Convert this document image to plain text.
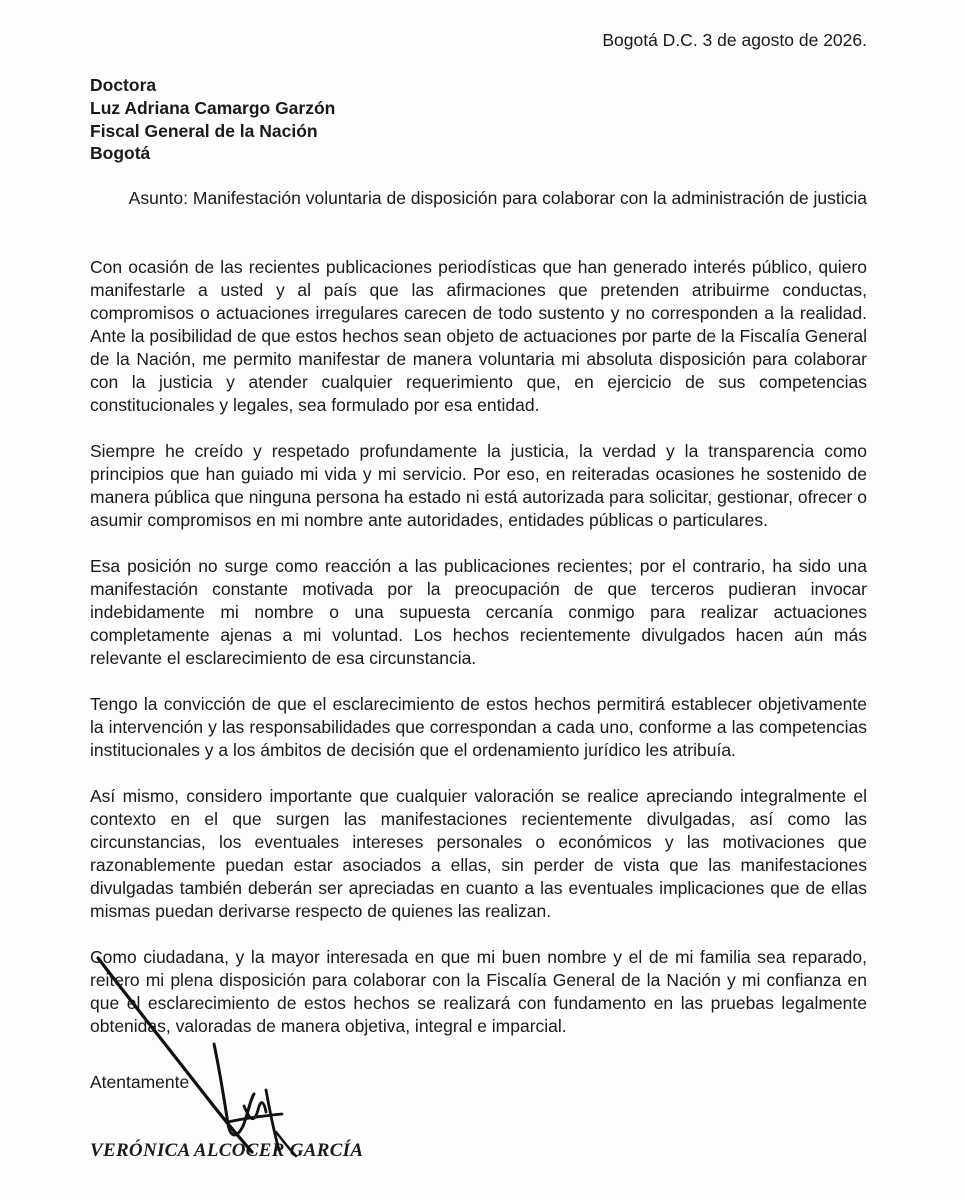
Bogotá D.C. 3 de agosto de 2026.
Doctora
Luz Adriana Camargo Garzón
Fiscal General de la Nación
Bogotá
Asunto: Manifestación voluntaria de disposición para colaborar con la administración de justicia

Con ocasión de las recientes publicaciones periodísticas que han generado interés público, quiero manifestarle a usted y al país que las afirmaciones que pretenden atribuirme conductas, compromisos o actuaciones irregulares carecen de todo sustento y no corresponden a la realidad. Ante la posibilidad de que estos hechos sean objeto de actuaciones por parte de la Fiscalía General de la Nación, me permito manifestar de manera voluntaria mi absoluta disposición para colaborar con la justicia y atender cualquier requerimiento que, en ejercicio de sus competencias constitucionales y legales, sea formulado por esa entidad.

Siempre he creído y respetado profundamente la justicia, la verdad y la transparencia como principios que han guiado mi vida y mi servicio. Por eso, en reiteradas ocasiones he sostenido de manera pública que ninguna persona ha estado ni está autorizada para solicitar, gestionar, ofrecer o asumir compromisos en mi nombre ante autoridades, entidades públicas o particulares.

Esa posición no surge como reacción a las publicaciones recientes; por el contrario, ha sido una manifestación constante motivada por la preocupación de que terceros pudieran invocar indebidamente mi nombre o una supuesta cercanía conmigo para realizar actuaciones completamente ajenas a mi voluntad. Los hechos recientemente divulgados hacen aún más relevante el esclarecimiento de esa circunstancia.

Tengo la convicción de que el esclarecimiento de estos hechos permitirá establecer objetivamente la intervención y las responsabilidades que correspondan a cada uno, conforme a las competencias institucionales y a los ámbitos de decisión que el ordenamiento jurídico les atribuía.

Así mismo, considero importante que cualquier valoración se realice apreciando integralmente el contexto en el que surgen las manifestaciones recientemente divulgadas, así como las circunstancias, los eventuales intereses personales o económicos y las motivaciones que razonablemente puedan estar asociados a ellas, sin perder de vista que las manifestaciones divulgadas también deberán ser apreciadas en cuanto a las eventuales implicaciones que de ellas mismas puedan derivarse respecto de quienes las realizan.

Como ciudadana, y la mayor interesada en que mi buen nombre y el de mi familia sea reparado, reitero mi plena disposición para colaborar con la Fiscalía General de la Nación y mi confianza en que el esclarecimiento de estos hechos se realizará con fundamento en las pruebas legalmente obtenidas, valoradas de manera objetiva, integral e imparcial.

Atentamente
VERÓNICA ALCOCER GARCÍA
